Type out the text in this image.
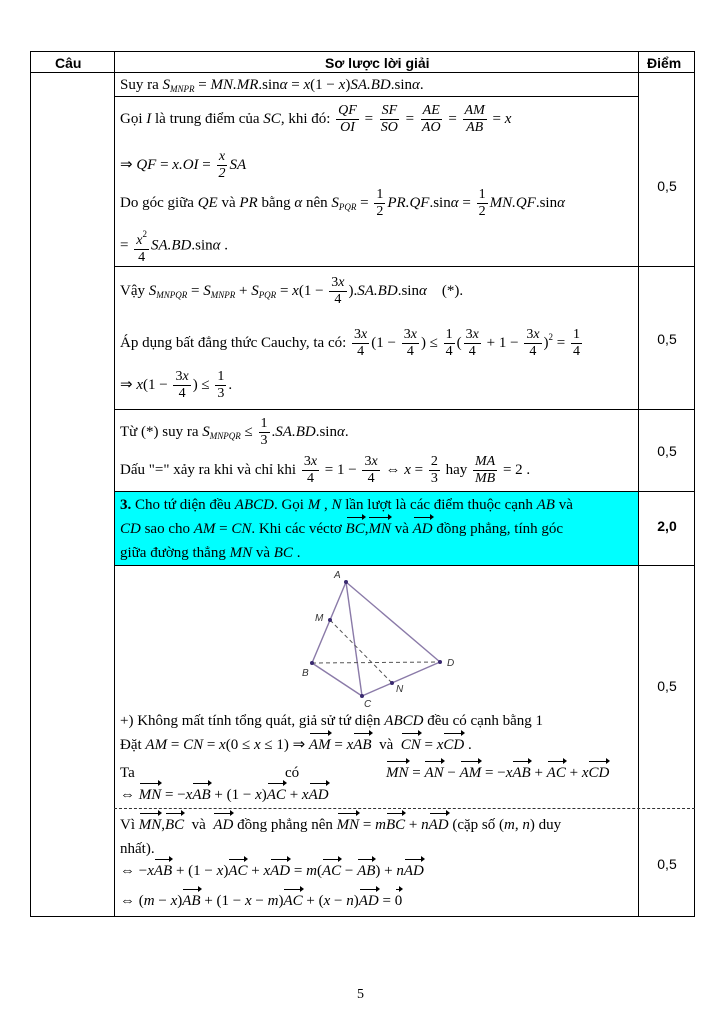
Câu	Sơ lược lời giải	Điểm
Suy ra $S_{MNPR} = MN.MR.\sin\alpha = x(1 - x)SA.BD.\sin\alpha$.
Gọi I là trung điểm của SC, khi đó: $\frac{QF}{OI} = \frac{SF}{SO} = \frac{AE}{AO} = \frac{AM}{AB} = x$
⇒ QF = $x.OI = \frac{x}{2}$ SA
Do góc giữa QE và PR bằng α nên $S_{PQR} = \frac{1}{2} PR.QF.\sin\alpha = \frac{1}{2} MN.QF.\sin\alpha$
= $\frac{x^2}{4} SA.BD.\sin\alpha$ .
0,5
Vậy $S_{MNPQR} = S_{MNPR} + S_{PQR} = x(1 - \frac{3x}{4} ).SA.BD.\sin\alpha$    (*).
Áp dụng bất đẳng thức Cauchy, ta có: $\frac{3x}{4} (1 - \frac{3x}{4}$ ) ≤ $\frac{1}{4}$ ( $\frac{3x}{4} + 1 - \frac{3x}{4} )^2 = \frac{1}{4}$
⇒ $x(1 - \frac{3x}{4}$ ) ≤ $\frac{1}{3}$ .
0,5
Từ (*) suy ra $S_{MNPQR} \le \frac{1}{3} .SA.BD.\sin\alpha$.
Dấu "=" xảy ra khi và chỉ khi $\frac{3x}{4} = 1 - \frac{3x}{4}$ ⇔ $x = \frac{2}{3}$ hay $\frac{MA}{MB} = 2$ .
0,5
3. Cho tứ diện đều ABCD. Gọi M , N lần lượt là các điểm thuộc cạnh AB và
CD sao cho AM = CN. Khi các véctơ BC,MN và AD đồng phẳng, tính góc
giữa đường thẳng MN và BC .
2,0
A
M
B
C
N
D
+) Không mất tính tổng quát, giả sử tứ diện ABCD đều có cạnh bằng 1
Đặt AM = CN = x(0 ≤ x ≤ 1) ⇒ AM = xAB và CN = xCD .
Ta	có	MN = AN − AM = −xAB + AC + xCD
⇔ MN = −xAB + (1 − x)AC + xAD
0,5
Vì MN,BC và AD đồng phẳng nên MN = mBC + nAD (cặp số (m, n) duy
nhất).
⇔ −xAB + (1 − x)AC + xAD = m(AC − AB) + nAD
⇔ (m − x)AB + (1 − x − m)AC + (x − n)AD = 0
0,5
5
